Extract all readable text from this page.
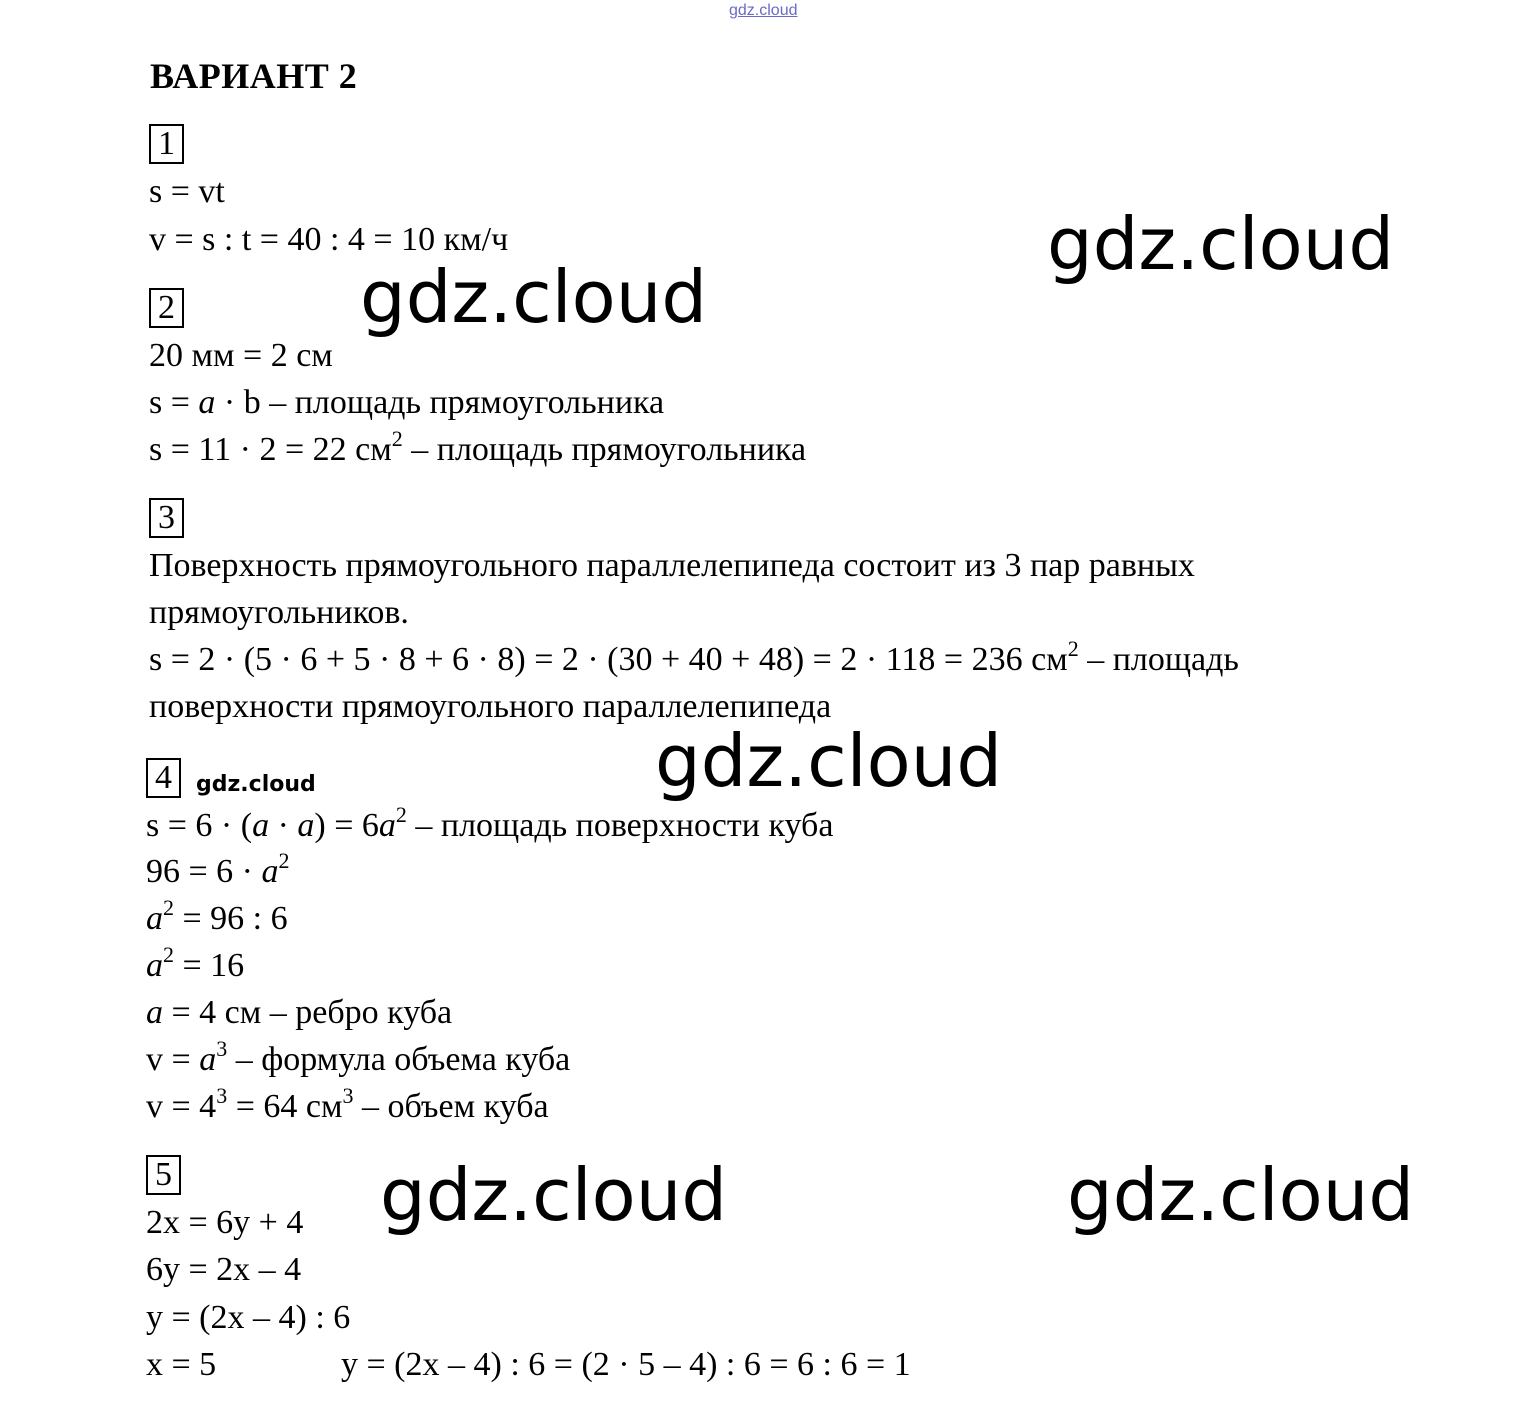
gdz.cloud
ВАРИАНТ 2
1
s = vt
v = s : t = 40 : 4 = 10 км/ч
2
20 мм = 2 см
s = a · b – площадь прямоугольника
s = 11 · 2 = 22 $см^2$ – площадь прямоугольника
3
Поверхность прямоугольного параллелепипеда состоит из 3 пар равных
прямоугольников.
s = 2 · (5 · 6 + 5 · 8 + 6 · 8) = 2 · (30 + 40 + 48) = 2 · 118 = 236 $см^2$ – площадь
поверхности прямоугольного параллелепипеда
4	gdz.cloud
$s = 6 \cdot (a \cdot a) = 6a^2$ – площадь поверхности куба
$96 = 6 \cdot a^2$
$a^2 = 96$ : 6
$a^2 = 16$
a = 4 см – ребро куба
$v = a^3$ – формула объема куба
$v = 4^3 = 64$ $см^3$ – объем куба
5
2x = 6y + 4
6y = 2x – 4
y = (2x – 4) : 6
x = 5	y = (2x – 4) : 6 = (2 · 5 – 4) : 6 = 6 : 6 = 1
gdz.cloud
gdz.cloud
gdz.cloud
gdz.cloud	gdz.cloud
